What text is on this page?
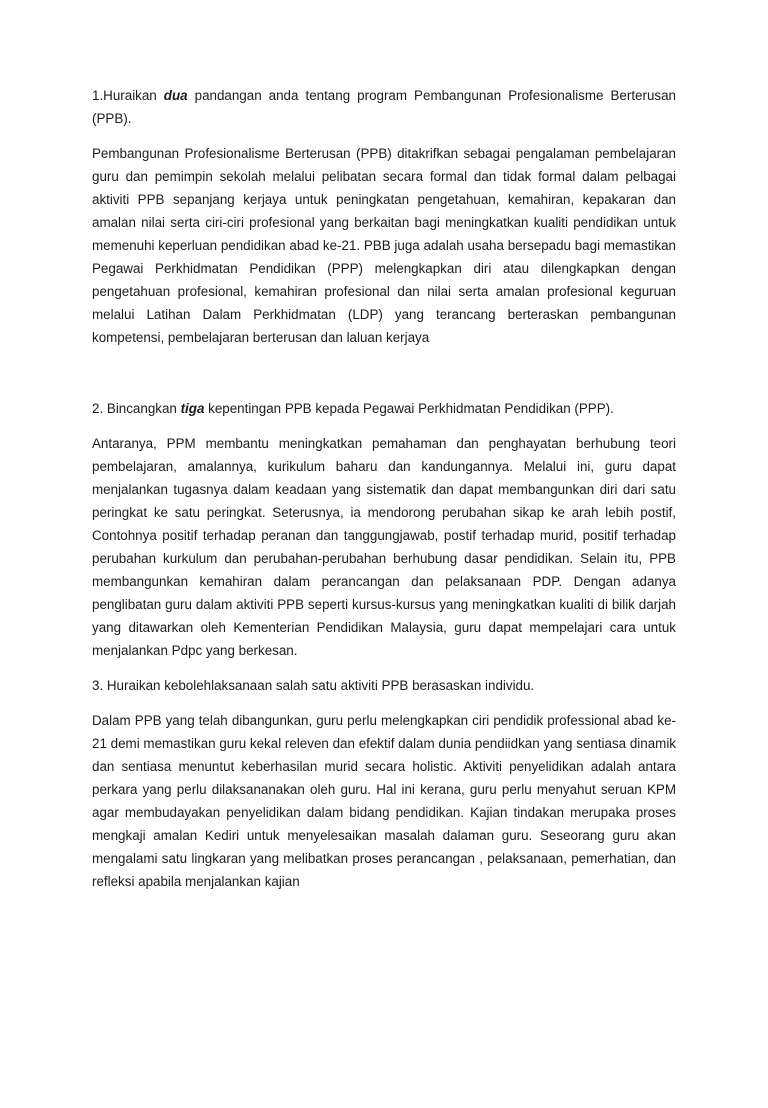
1.Huraikan dua pandangan anda tentang program Pembangunan Profesionalisme Berterusan (PPB).

Pembangunan Profesionalisme Berterusan (PPB) ditakrifkan sebagai pengalaman pembelajaran guru dan pemimpin sekolah melalui pelibatan secara formal dan tidak formal dalam pelbagai aktiviti PPB sepanjang kerjaya untuk peningkatan pengetahuan, kemahiran, kepakaran dan amalan nilai serta ciri-ciri profesional yang berkaitan bagi meningkatkan kualiti pendidikan untuk memenuhi keperluan pendidikan abad ke-21. PBB juga adalah usaha bersepadu bagi memastikan Pegawai Perkhidmatan Pendidikan (PPP) melengkapkan diri atau dilengkapkan dengan pengetahuan profesional, kemahiran profesional dan nilai serta amalan profesional keguruan melalui Latihan Dalam Perkhidmatan (LDP) yang terancang berteraskan pembangunan kompetensi, pembelajaran berterusan dan laluan kerjaya

2. Bincangkan tiga kepentingan PPB kepada Pegawai Perkhidmatan Pendidikan (PPP).

Antaranya, PPM membantu meningkatkan pemahaman dan penghayatan berhubung teori pembelajaran, amalannya, kurikulum baharu dan kandungannya. Melalui ini, guru dapat menjalankan tugasnya dalam keadaan yang sistematik dan dapat membangunkan diri dari satu peringkat ke satu peringkat. Seterusnya, ia mendorong perubahan sikap ke arah lebih postif, Contohnya positif terhadap peranan dan tanggungjawab, postif terhadap murid, positif terhadap perubahan kurkulum dan perubahan-perubahan berhubung dasar pendidikan. Selain itu, PPB membangunkan kemahiran dalam perancangan dan pelaksanaan PDP. Dengan adanya penglibatan guru dalam aktiviti PPB seperti kursus-kursus yang meningkatkan kualiti di bilik darjah yang ditawarkan oleh Kementerian Pendidikan Malaysia, guru dapat mempelajari cara untuk menjalankan Pdpc yang berkesan.

3. Huraikan kebolehlaksanaan salah satu aktiviti PPB berasaskan individu.

Dalam PPB yang telah dibangunkan, guru perlu melengkapkan ciri pendidik professional abad ke-21 demi memastikan guru kekal releven dan efektif dalam dunia pendiidkan yang sentiasa dinamik dan sentiasa menuntut keberhasilan murid secara holistic. Aktiviti penyelidikan adalah antara perkara yang perlu dilaksananakan oleh guru. Hal ini kerana, guru perlu menyahut seruan KPM agar membudayakan penyelidikan dalam bidang pendidikan. Kajian tindakan merupaka proses mengkaji amalan Kediri untuk menyelesaikan masalah dalaman guru. Seseorang guru akan mengalami satu lingkaran yang melibatkan proses perancangan , pelaksanaan, pemerhatian, dan refleksi apabila menjalankan kajian
